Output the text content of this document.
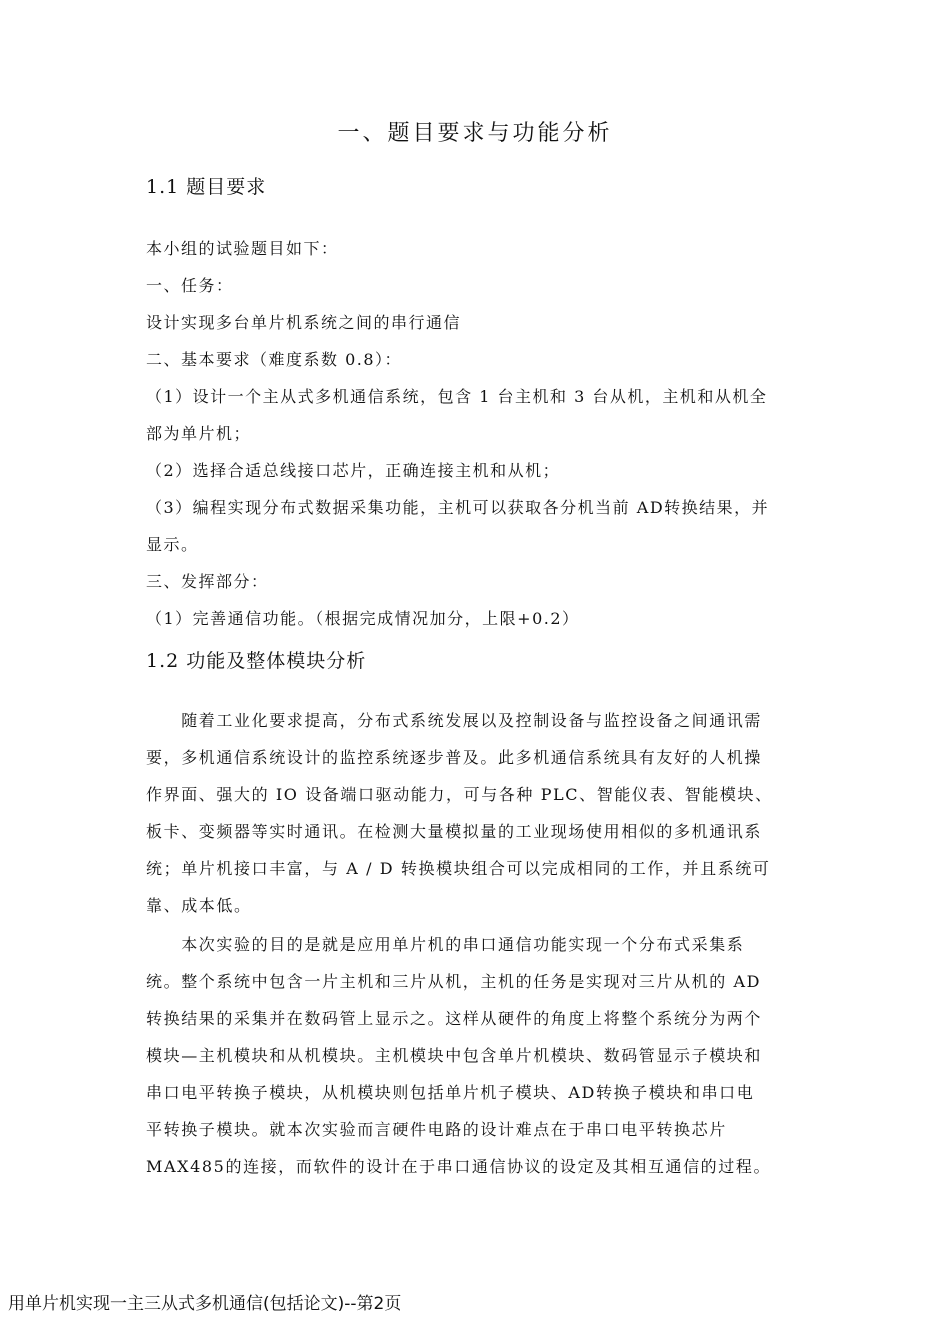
一、题目要求与功能分析
1.1 题目要求

本小组的试验题目如下：

一、任务：

设计实现多台单片机系统之间的串行通信

二、基本要求（难度系数 0.8）：

（1）设计一个主从式多机通信系统，包含 1 台主机和 3 台从机，主机和从机全

部为单片机；

（2）选择合适总线接口芯片，正确连接主机和从机；

（3）编程实现分布式数据采集功能，主机可以获取各分机当前 AD转换结果，并

显示。

三、发挥部分：

（1）完善通信功能。（根据完成情况加分，上限+0.2）

1.2 功能及整体模块分析

　　随着工业化要求提高，分布式系统发展以及控制设备与监控设备之间通讯需

要，多机通信系统设计的监控系统逐步普及。此多机通信系统具有友好的人机操

作界面、强大的 IO 设备端口驱动能力，可与各种 PLC、智能仪表、智能模块、

板卡、变频器等实时通讯。在检测大量模拟量的工业现场使用相似的多机通讯系

统；单片机接口丰富，与 A / D 转换模块组合可以完成相同的工作，并且系统可

靠、成本低。

　　本次实验的目的是就是应用单片机的串口通信功能实现一个分布式采集系

统。整个系统中包含一片主机和三片从机，主机的任务是实现对三片从机的 AD

转换结果的采集并在数码管上显示之。这样从硬件的角度上将整个系统分为两个

模块—主机模块和从机模块。主机模块中包含单片机模块、数码管显示子模块和

串口电平转换子模块，从机模块则包括单片机子模块、AD转换子模块和串口电

平转换子模块。就本次实验而言硬件电路的设计难点在于串口电平转换芯片

MAX485的连接，而软件的设计在于串口通信协议的设定及其相互通信的过程。

用单片机实现一主三从式多机通信(包括论文)--第2页
